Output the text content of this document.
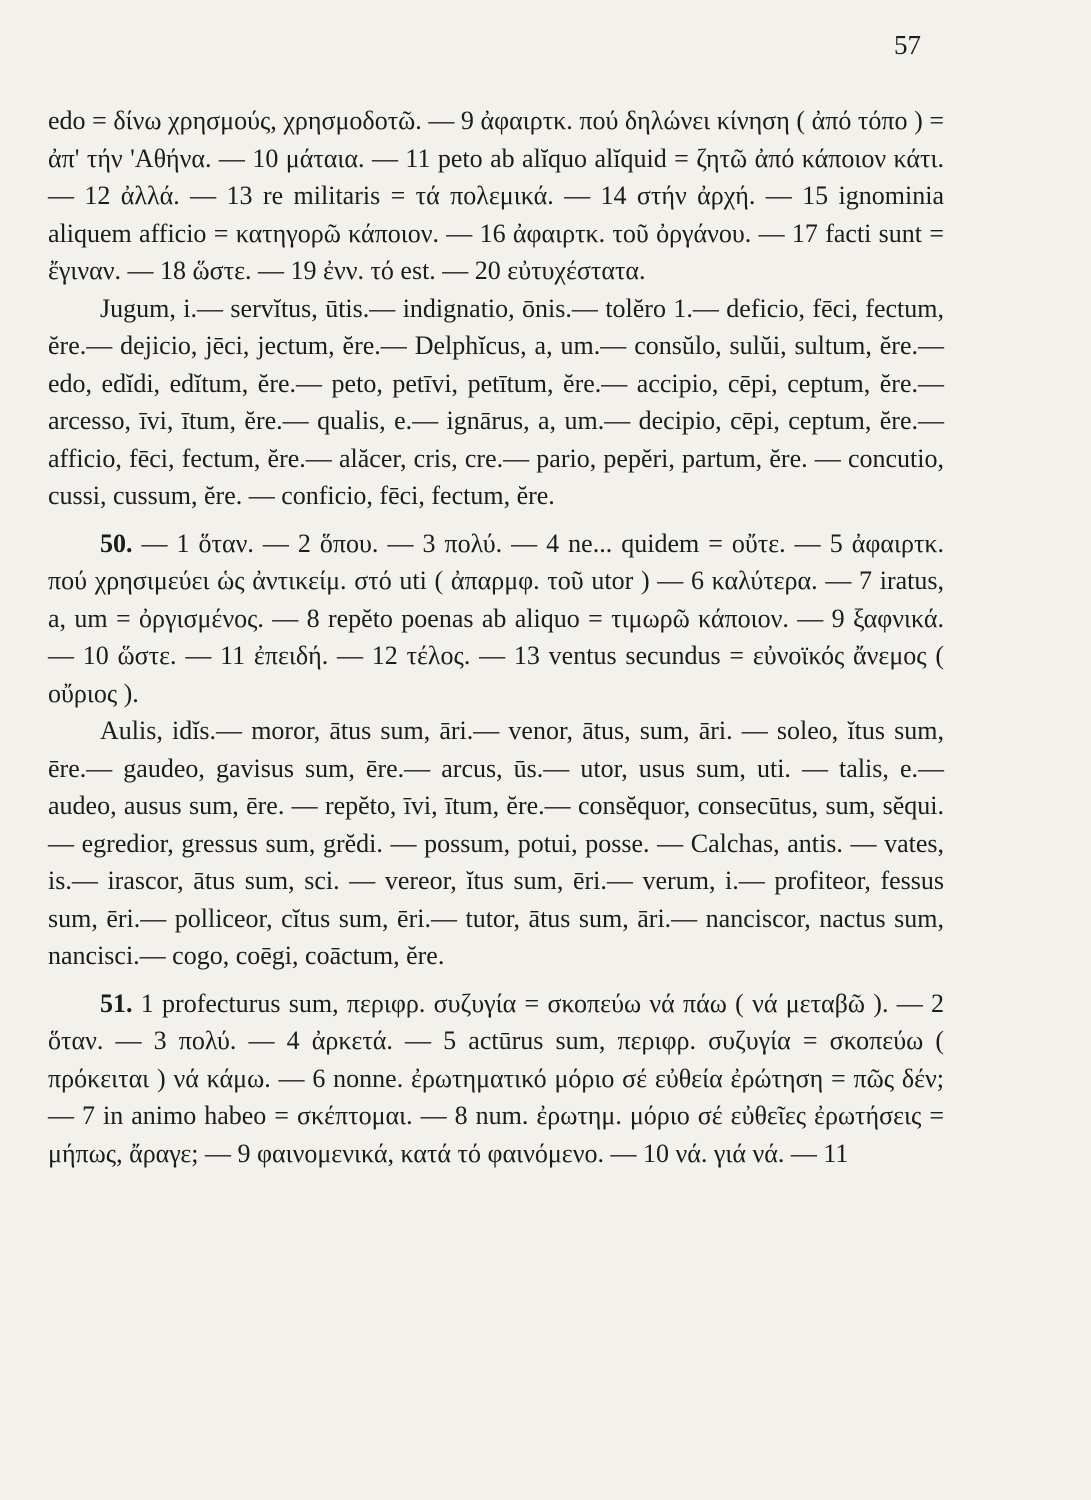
57

edo = δίνω χρησμούς, χρησμοδοτῶ. — 9 ἀφαιρτκ. πού δηλώνει κίνηση ( ἀπό τόπο ) = ἀπ' τήν 'Αθήνα. — 10 μάταια. — 11 peto ab alĭquo alĭquid = ζητῶ ἀπό κάποιον κάτι. — 12 ἀλλά. — 13 re militaris = τά πολεμικά. — 14 στήν ἀρχή. — 15 ignominia aliquem afficio = κατηγορῶ κάποιον. — 16 ἀφαιρτκ. τοῦ ὀργάνου. — 17 facti sunt = ἔγιναν. — 18 ὥστε. — 19 ἐνν. τό est. — 20 εὐτυχέστατα.

Jugum, i.— servĭtus, ūtis.— indignatio, ōnis.— tolĕro 1.— deficio, fēci, fectum, ĕre.— dejicio, jēci, jectum, ĕre.— Delphĭcus, a, um.— consŭlo, sulŭi, sultum, ĕre.— edo, edĭdi, edĭtum, ĕre.— peto, petīvi, petītum, ĕre.— accipio, cēpi, ceptum, ĕre.— arcesso, īvi, ītum, ĕre.— qualis, e.— ignārus, a, um.— decipio, cēpi, ceptum, ĕre.— afficio, fēci, fectum, ĕre.— alăcer, cris, cre.— pario, pepĕri, partum, ĕre. — concutio, cussi, cussum, ĕre. — conficio, fēci, fectum, ĕre.

50. — 1 ὅταν. — 2 ὅπου. — 3 πολύ. — 4 ne... quidem = οὔτε. — 5 ἀφαιρτκ. πού χρησιμεύει ὡς ἀντικείμ. στό uti ( ἀπαρμφ. τοῦ utor ) — 6 καλύτερα. — 7 iratus, a, um = ὀργισμένος. — 8 repĕto poenas ab aliquo = τιμωρῶ κάποιον. — 9 ξαφνικά. — 10 ὥστε. — 11 ἐπειδή. — 12 τέλος. — 13 ventus secundus = εὐνοϊκός ἄνεμος ( οὔριος ).

Aulis, idĭs.— moror, ātus sum, āri.— venor, ātus, sum, āri. — soleo, ĭtus sum, ēre.— gaudeo, gavisus sum, ēre.— arcus, ūs.— utor, usus sum, uti. — talis, e.— audeo, ausus sum, ēre. — repĕto, īvi, ītum, ĕre.— consĕquor, consecūtus, sum, sĕqui.— egredior, gressus sum, grĕdi. — possum, potui, posse. — Calchas, antis. — vates, is.— irascor, ātus sum, sci. — vereor, ĭtus sum, ēri.— verum, i.— profiteor, fessus sum, ēri.— polliceor, cĭtus sum, ēri.— tutor, ātus sum, āri.— nanciscor, nactus sum, nancisci.— cogo, coēgi, coāctum, ĕre.

51. 1 profecturus sum, περιφρ. συζυγία = σκοπεύω νά πάω ( νά μεταβῶ ). — 2 ὅταν. — 3 πολύ. — 4 ἀρκετά. — 5 actūrus sum, περιφρ. συζυγία = σκοπεύω ( πρόκειται ) νά κάμω. — 6 nonne. ἐρωτηματικό μόριο σέ εὐθεία ἐρώτηση = πῶς δέν; — 7 in animo habeo = σκέπτομαι. — 8 num. ἐρωτημ. μόριο σέ εὐθεῖες ἐρωτήσεις = μήπως, ἄραγε; — 9 φαινομενικά, κατά τό φαινόμενο. — 10 νά. γιά νά. — 11
